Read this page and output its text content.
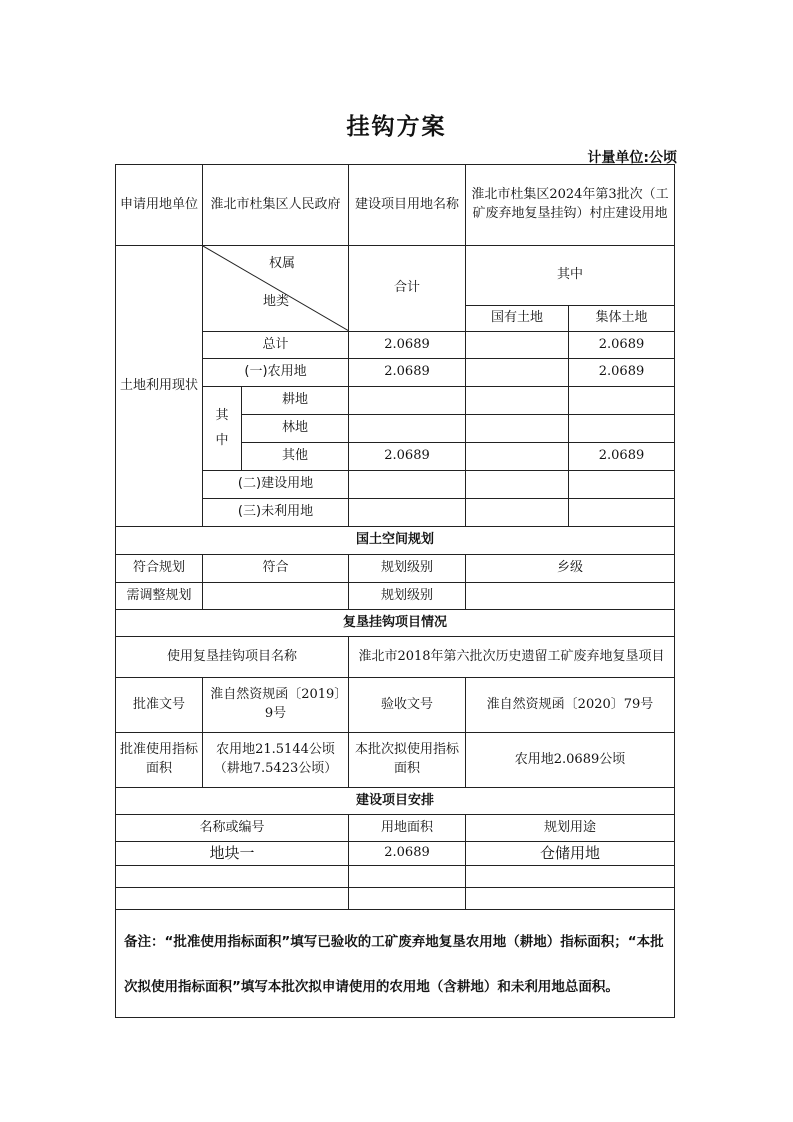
挂钩方案
计量单位:公顷
申请用地单位	淮北市杜集区人民政府		建设项目用地名称	淮北市杜集区2024年第3批次（工矿废弃地复垦挂钩）村庄建设用地	
土地利用现状	权属
地类		合计	其中	
				国有土地	集体土地
	总计		2.0689		2.0689
	(一)农用地		2.0689		2.0689
	其中	耕地			
		林地			
		其他	2.0689		2.0689
	(二)建设用地				
	(三)未利用地				
国土空间规划					
符合规划	符合		规划级别	乡级	
需调整规划			规划级别		
复垦挂钩项目情况					
使用复垦挂钩项目名称			淮北市2018年第六批次历史遗留工矿废弃地复垦项目		
批准文号	淮自然资规函〔2019〕9号		验收文号	淮自然资规函〔2020〕79号	
批准使用指标面积	农用地21.5144公顷（耕地7.5423公顷）		本批次拟使用指标面积	农用地2.0689公顷	
建设项目安排					
名称或编号			用地面积	规划用途	
地块一			2.0689	仓储用地	

备注：“批准使用指标面积”填写已验收的工矿废弃地复垦农用地（耕地）指标面积；“本批次拟使用指标面积”填写本批次拟申请使用的农用地（含耕地）和未利用地总面积。					
